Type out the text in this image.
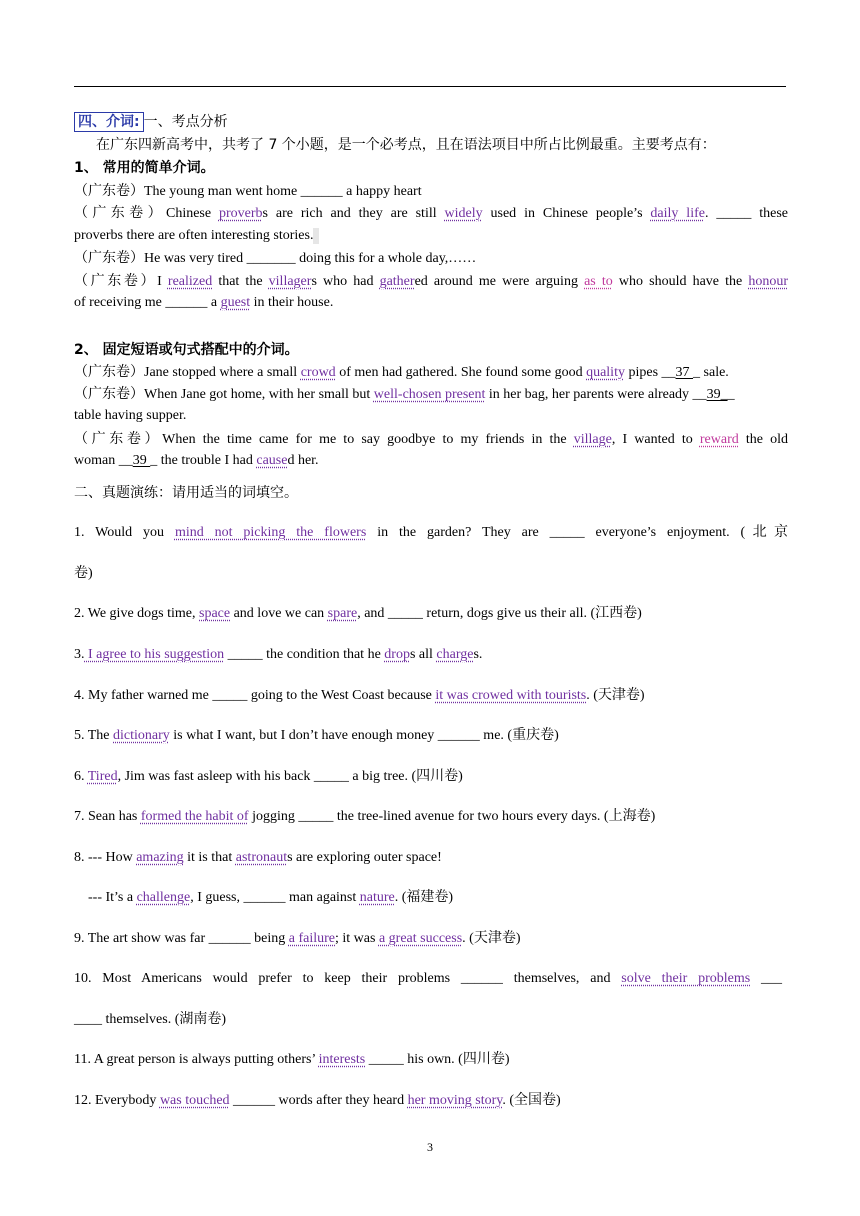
四、介词: 一、考点分析
在广东四新高考中，共考了 7 个小题，是一个必考点，且在语法项目中所占比例最重。主要考点有：
1、 常用的简单介词。
（广东卷）The young man went home ______ a happy heart
（广东卷）Chinese proverbs are rich and they are still widely used in Chinese people’s daily life. _____ these
proverbs there are often interesting stories.
（广东卷）He was very tired _______ doing this for a whole day,……
（广东卷）I realized that the villagers who had gathered around me were arguing as to who should have the honour
of receiving me ______ a guest in their house.
2、 固定短语或句式搭配中的介词。
（广东卷）Jane stopped where a small crowd of men had gathered. She found some good quality pipes __37 _ sale.
（广东卷）When Jane got home, with her small but well-chosen present in her bag, her parents were already __39__
table having supper.
（广东卷）When the time came for me to say goodbye to my friends in the village, I wanted to reward the old
woman __39 _ the trouble I had caused her.
二、真题演练：请用适当的词填空。
1. Would you mind not picking the flowers in the garden? They are _____ everyone’s enjoyment. (北京
卷)
2. We give dogs time, space and love we can spare, and _____ return, dogs give us their all. (江西卷)
3. I agree to his suggestion _____ the condition that he drops all charges.
4. My father warned me _____ going to the West Coast because it was crowed with tourists. (天津卷)
5. The dictionary is what I want, but I don’t have enough money ______ me. (重庆卷)
6. Tired, Jim was fast asleep with his back _____ a big tree. (四川卷)
7. Sean has formed the habit of jogging _____ the tree-lined avenue for two hours every days. (上海卷)
8. --- How amazing it is that astronauts are exploring outer space!
--- It’s a challenge, I guess, ______ man against nature. (福建卷)
9. The art show was far ______ being a failure; it was a great success. (天津卷)
10. Most Americans would prefer to keep their problems ______ themselves, and solve their problems ___
____ themselves. (湖南卷)
11. A great person is always putting others’ interests _____ his own. (四川卷)
12. Everybody was touched ______ words after they heard her moving story. (全国卷)
3
